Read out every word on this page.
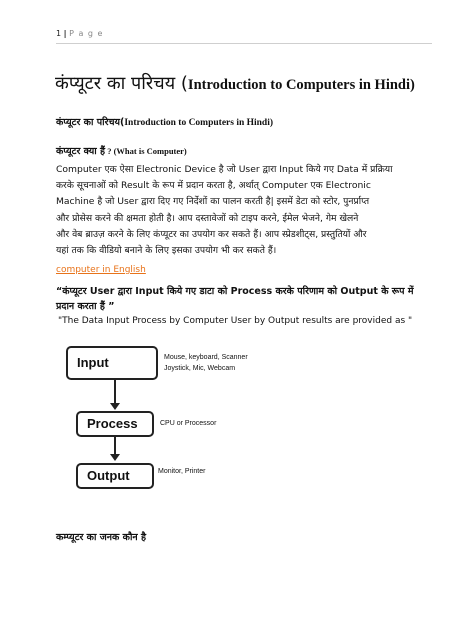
1 | P a g e
कंप्यूटर का परिचय (Introduction to Computers in Hindi)
कंप्यूटर का परिचय(Introduction to Computers in Hindi)
कंप्यूटर क्या हैं ? (What is Computer)
Computer एक ऐसा Electronic Device है जो User द्वारा Input किये गए Data में प्रक्रिया
करके सूचनाओं को Result के रूप में प्रदान करता है, अर्थात् Computer एक Electronic
Machine है जो User द्वारा दिए गए निर्देशों का पालन करती है| इसमें डेटा को स्टोर, पुनर्प्राप्त
और प्रोसेस करने की क्षमता होती है। आप दस्तावेजों को टाइप करने, ईमेल भेजने, गेम खेलने
और वेब ब्राउज़ करने के लिए कंप्यूटर का उपयोग कर सकते हैं। आप स्प्रेडशीट्स, प्रस्तुतियों और
यहां तक कि वीडियो बनाने के लिए इसका उपयोग भी कर सकते हैं।
computer in English
“कंप्यूटर User द्वारा Input किये गए डाटा को Process करके परिणाम को Output के रूप में प्रदान करता हैं ”
"The Data Input Process by Computer User by Output results are provided as "
Input	Mouse, keyboard, Scanner
Joystick, Mic, Webcam
Process	CPU or Processor
Output	Monitor, Printer
कम्प्यूटर का जनक कौन है
